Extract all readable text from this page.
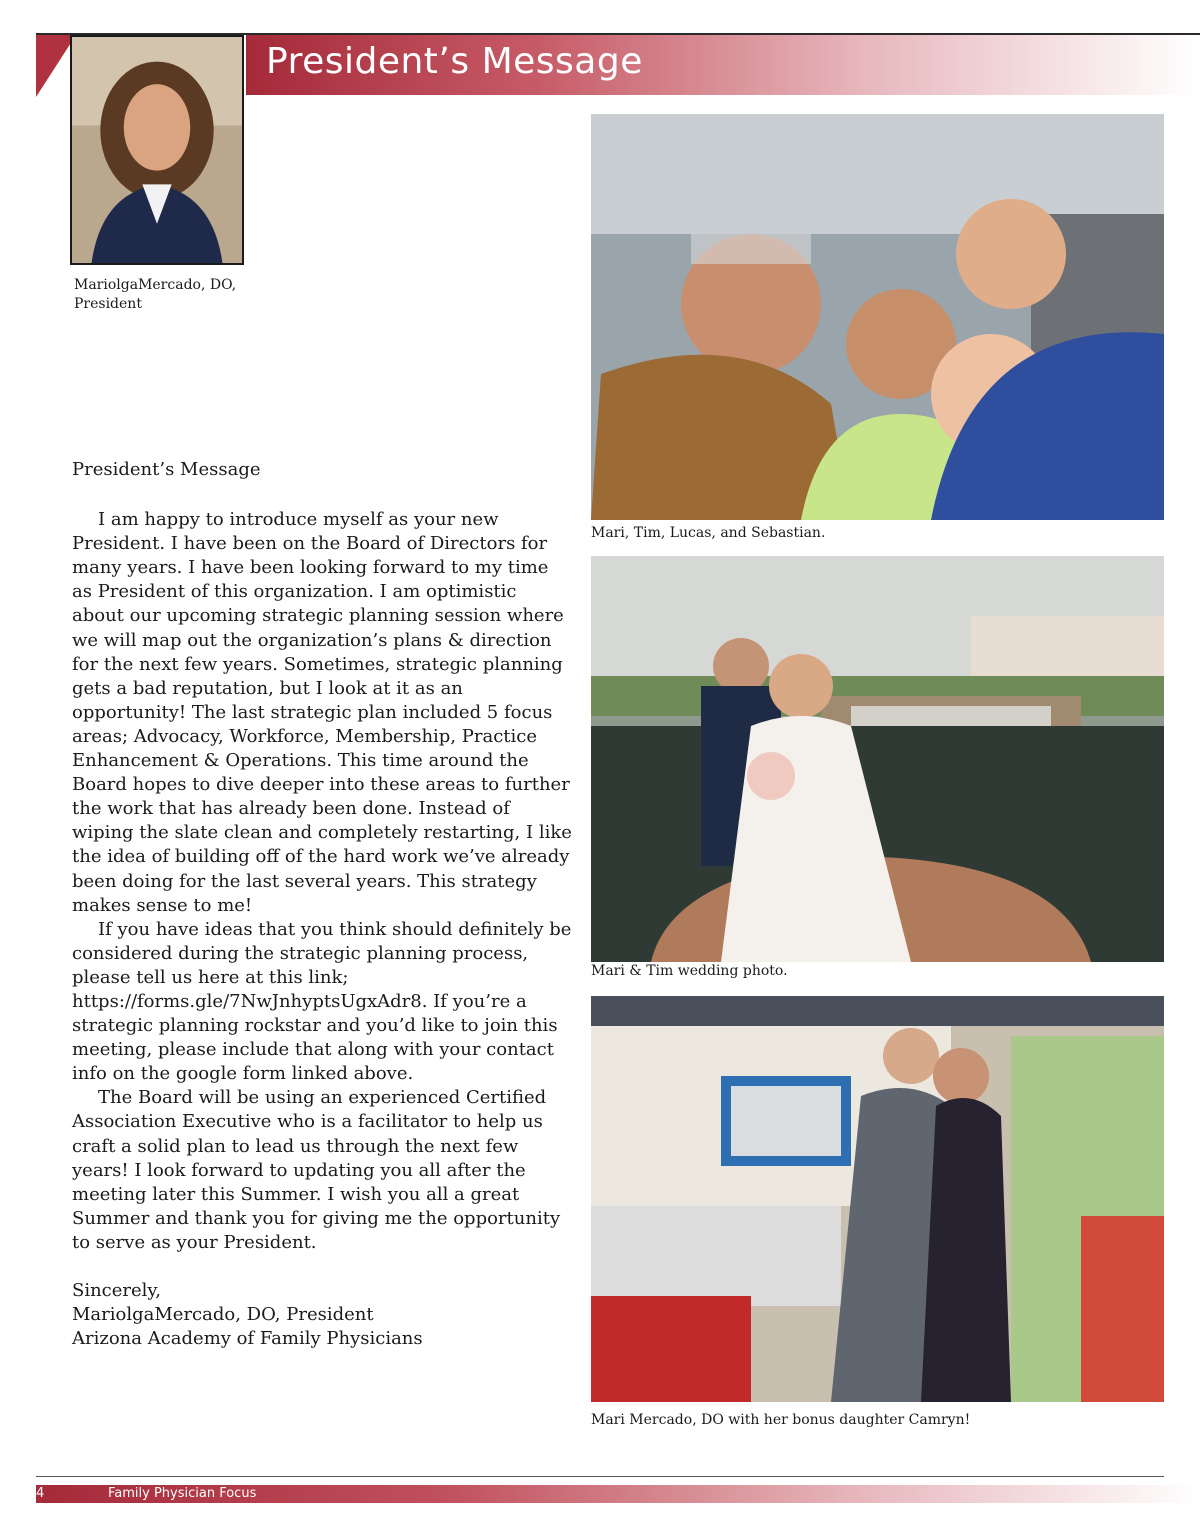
President’s Message
MariolgaMercado, DO,
President

President’s Message

I am happy to introduce myself as your new President. I have been on the Board of Directors for many years. I have been looking forward to my time as President of this organization. I am optimistic about our upcoming strategic planning session where we will map out the organization’s plans & direction for the next few years. Sometimes, strategic planning gets a bad reputation, but I look at it as an opportunity! The last strategic plan included 5 focus areas; Advocacy, Workforce, Membership, Practice Enhancement & Operations. This time around the Board hopes to dive deeper into these areas to further the work that has already been done. Instead of wiping the slate clean and completely restarting, I like the idea of building off of the hard work we’ve already been doing for the last several years. This strategy makes sense to me!

If you have ideas that you think should definitely be considered during the strategic planning process, please tell us here at this link; https://forms.gle/7NwJnhyptsUgxAdr8. If you’re a strategic planning rockstar and you’d like to join this meeting, please include that along with your contact info on the google form linked above.

The Board will be using an experienced Certified Association Executive who is a facilitator to help us craft a solid plan to lead us through the next few years! I look forward to updating you all after the meeting later this Summer. I wish you all a great Summer and thank you for giving me the opportunity to serve as your President.

Sincerely,

MariolgaMercado, DO, President

Arizona Academy of Family Physicians

Mari, Tim, Lucas, and Sebastian.
Mari & Tim wedding photo.
Mari Mercado, DO with her bonus daughter Camryn!
4	Family Physician Focus
